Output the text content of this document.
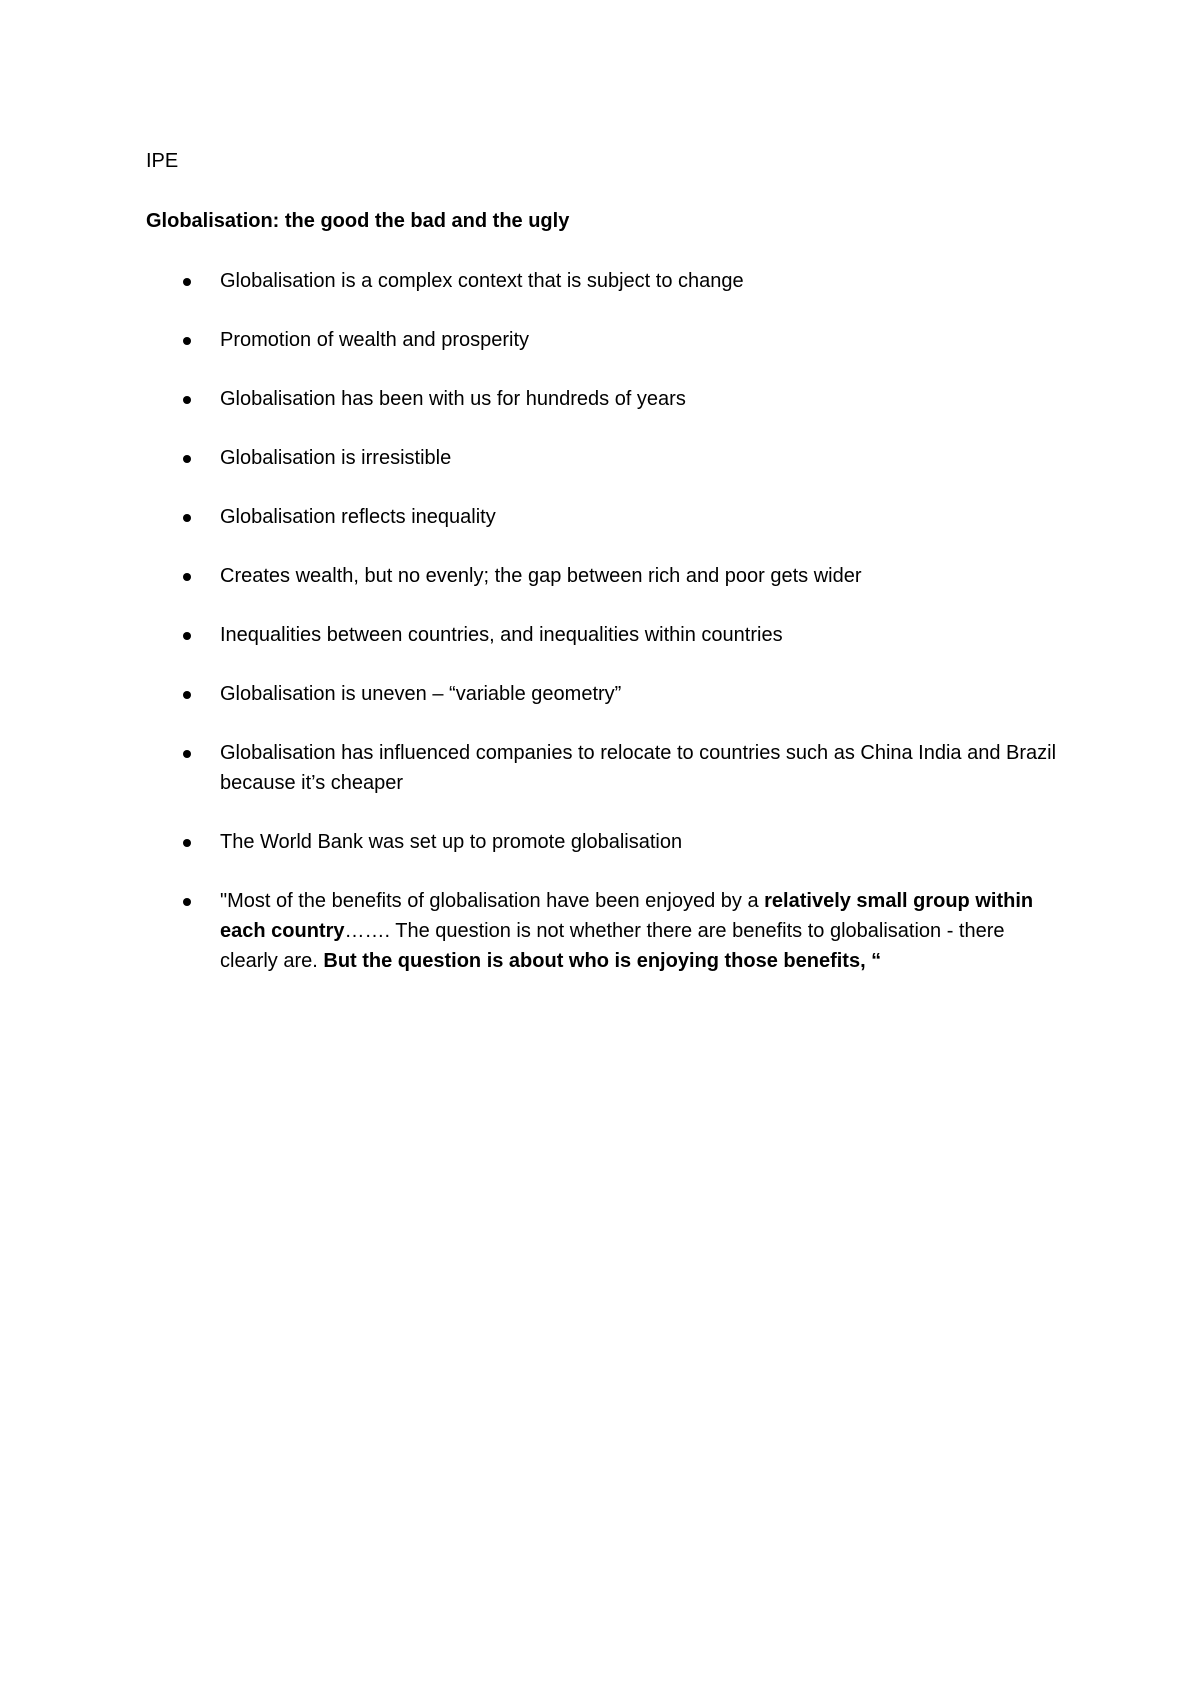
IPE

Globalisation: the good the bad and the ugly
Globalisation is a complex context that is subject to change
Promotion of wealth and prosperity
Globalisation has been with us for hundreds of years
Globalisation is irresistible
Globalisation reflects inequality
Creates wealth, but no evenly; the gap between rich and poor gets wider
Inequalities between countries, and inequalities within countries
Globalisation is uneven – “variable geometry”
Globalisation has influenced companies to relocate to countries such as China India and Brazil because it’s cheaper
The World Bank was set up to promote globalisation
"Most of the benefits of globalisation have been enjoyed by a relatively small group within each country……. The question is not whether there are benefits to globalisation - there clearly are. But the question is about who is enjoying those benefits, “
